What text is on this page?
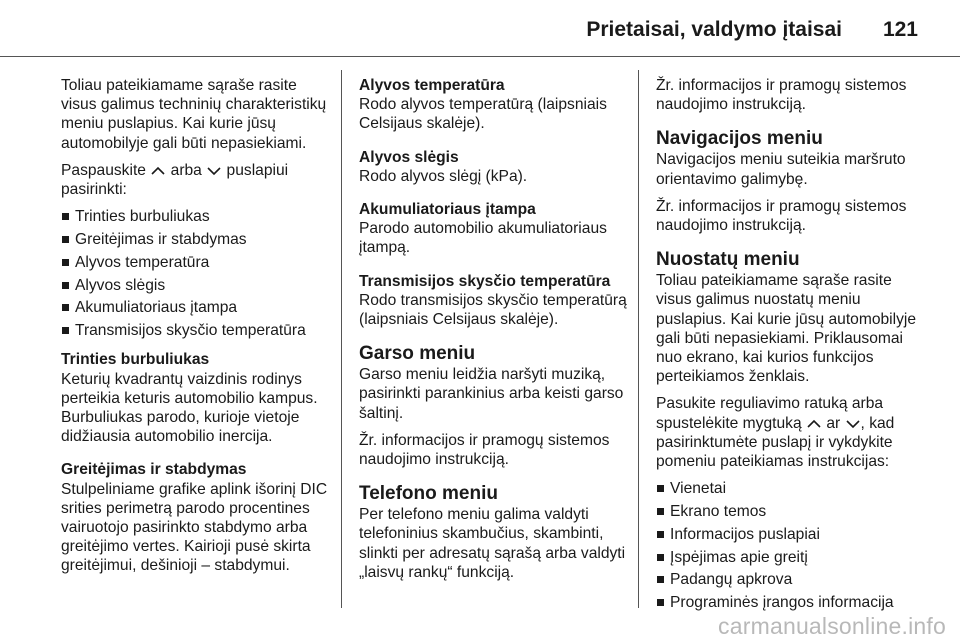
Prietaisai, valdymo įtaisai 121

Toliau pateikiamame sąraše rasite visus galimus techninių charakteristikų meniu puslapius. Kai kurie jūsų automobilyje gali būti nepasiekiami.

Paspauskite arba puslapiui pasirinkti:

Trinties burbuliukas
Greitėjimas ir stabdymas
Alyvos temperatūra
Alyvos slėgis
Akumuliatoriaus įtampa
Transmisijos skysčio temperatūra
Trinties burbuliukas

Keturių kvadrantų vaizdinis rodinys perteikia keturis automobilio kampus. Burbuliukas parodo, kurioje vietoje didžiausia automobilio inercija.

Greitėjimas ir stabdymas

Stulpeliniame grafike aplink išorinį DIC srities perimetrą parodo procentines vairuotojo pasirinkto stabdymo arba greitėjimo vertes. Kairioji pusė skirta greitėjimui, dešinioji – stabdymui.

Alyvos temperatūra

Rodo alyvos temperatūrą (laipsniais Celsijaus skalėje).

Alyvos slėgis

Rodo alyvos slėgį (kPa).

Akumuliatoriaus įtampa

Parodo automobilio akumuliatoriaus įtampą.

Transmisijos skysčio temperatūra

Rodo transmisijos skysčio temperatūrą (laipsniais Celsijaus skalėje).

Garso meniu

Garso meniu leidžia naršyti muziką, pasirinkti parankinius arba keisti garso šaltinį.

Žr. informacijos ir pramogų sistemos naudojimo instrukciją.

Telefono meniu

Per telefono meniu galima valdyti telefoninius skambučius, skambinti, slinkti per adresatų sąrašą arba valdyti „laisvų rankų“ funkciją.

Žr. informacijos ir pramogų sistemos naudojimo instrukciją.

Navigacijos meniu

Navigacijos meniu suteikia maršruto orientavimo galimybę.

Žr. informacijos ir pramogų sistemos naudojimo instrukciją.

Nuostatų meniu

Toliau pateikiamame sąraše rasite visus galimus nuostatų meniu puslapius. Kai kurie jūsų automobilyje gali būti nepasiekiami. Priklausomai nuo ekrano, kai kurios funkcijos perteikiamos ženklais.

Pasukite reguliavimo ratuką arba spustelėkite mygtuką ar , kad pasirinktumėte puslapį ir vykdykite pomeniu pateikiamas instrukcijas:

Vienetai
Ekrano temos
Informacijos puslapiai
Įspėjimas apie greitį
Padangų apkrova
Programinės įrangos informacija
carmanualsonline.info
